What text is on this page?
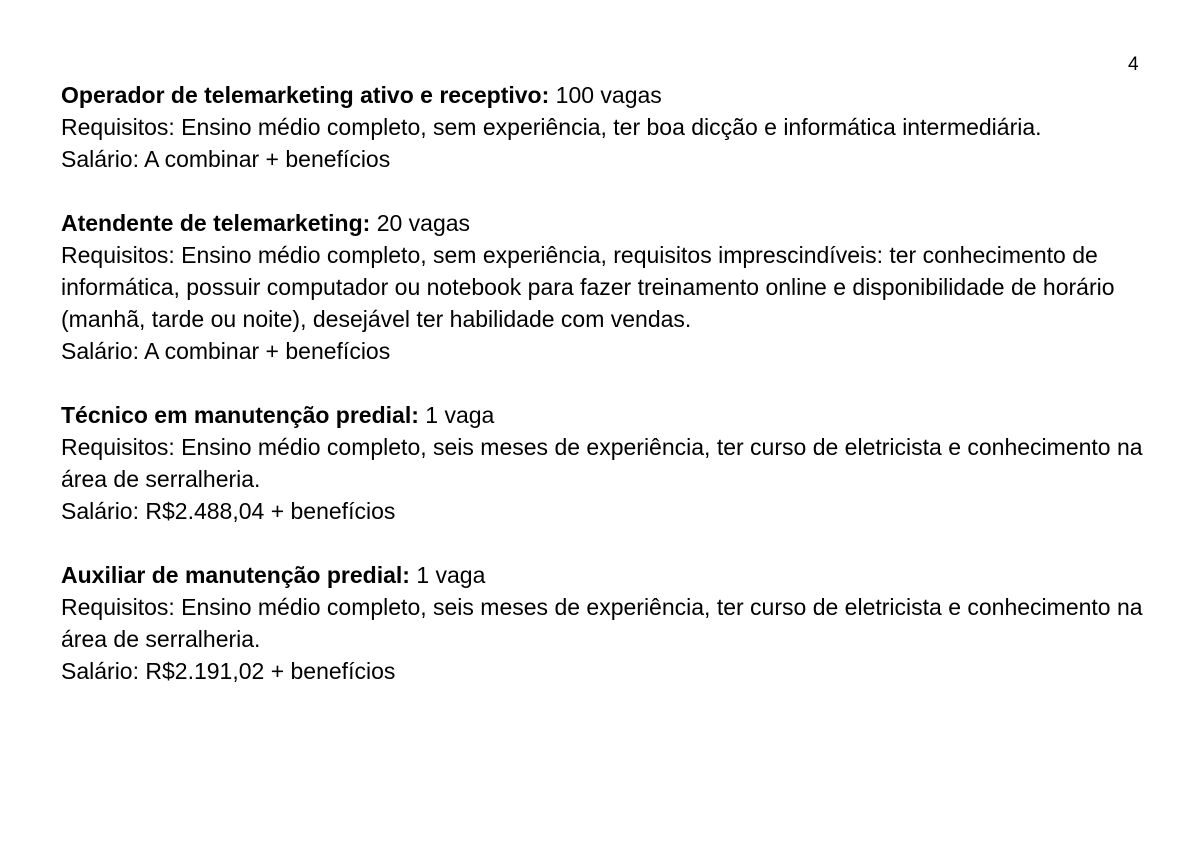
4

Operador de telemarketing ativo e receptivo: 100 vagas

Requisitos: Ensino médio completo, sem experiência, ter boa dicção e informática intermediária.

Salário: A combinar + benefícios

Atendente de telemarketing: 20 vagas

Requisitos: Ensino médio completo, sem experiência, requisitos imprescindíveis: ter conhecimento de informática, possuir computador ou notebook para fazer treinamento online e disponibilidade de horário (manhã, tarde ou noite), desejável ter habilidade com vendas.

Salário: A combinar + benefícios

Técnico em manutenção predial: 1 vaga

Requisitos: Ensino médio completo, seis meses de experiência, ter curso de eletricista e conhecimento na área de serralheria.

Salário: R$2.488,04 + benefícios

Auxiliar de manutenção predial: 1 vaga

Requisitos: Ensino médio completo, seis meses de experiência, ter curso de eletricista e conhecimento na área de serralheria.

Salário: R$2.191,02 + benefícios
